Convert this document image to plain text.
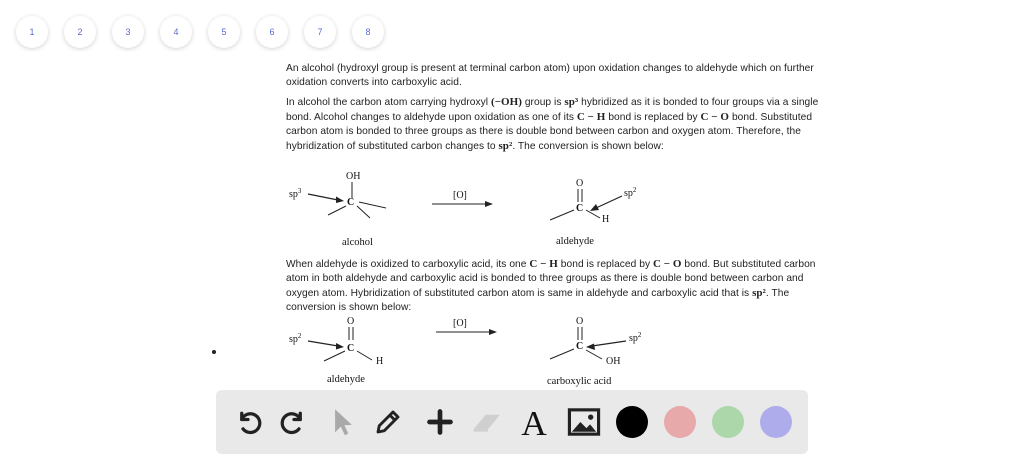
1	2	3	4	5	6	7	8

An alcohol (hydroxyl group is present at terminal carbon atom) upon oxidation changes to aldehyde which on further oxidation converts into carboxylic acid.

In alcohol the carbon atom carrying hydroxyl (−OH) group is sp³ hybridized as it is bonded to four groups via a single bond. Alcohol changes to aldehyde upon oxidation as one of its C − H bond is replaced by C − O bond. Substituted carbon atom is bonded to three groups as there is double bond between carbon and oxygen atom. Therefore, the hybridization of substituted carbon changes to sp². The conversion is shown below:

OH
$sp^3$
C
[O]
O
C
H
$sp^2$
alcohol	aldehyde

When aldehyde is oxidized to carboxylic acid, its one C − H bond is replaced by C − O bond. But substituted carbon atom in both aldehyde and carboxylic acid is bonded to three groups as there is double bond between carbon and oxygen atom. Hybridization of substituted carbon atom is same in aldehyde and carboxylic acid that is sp². The conversion is shown below:

O
$sp^2$
C
H
[O]	O
C
OH
$sp^2$
aldehyde	carboxylic acid
A
